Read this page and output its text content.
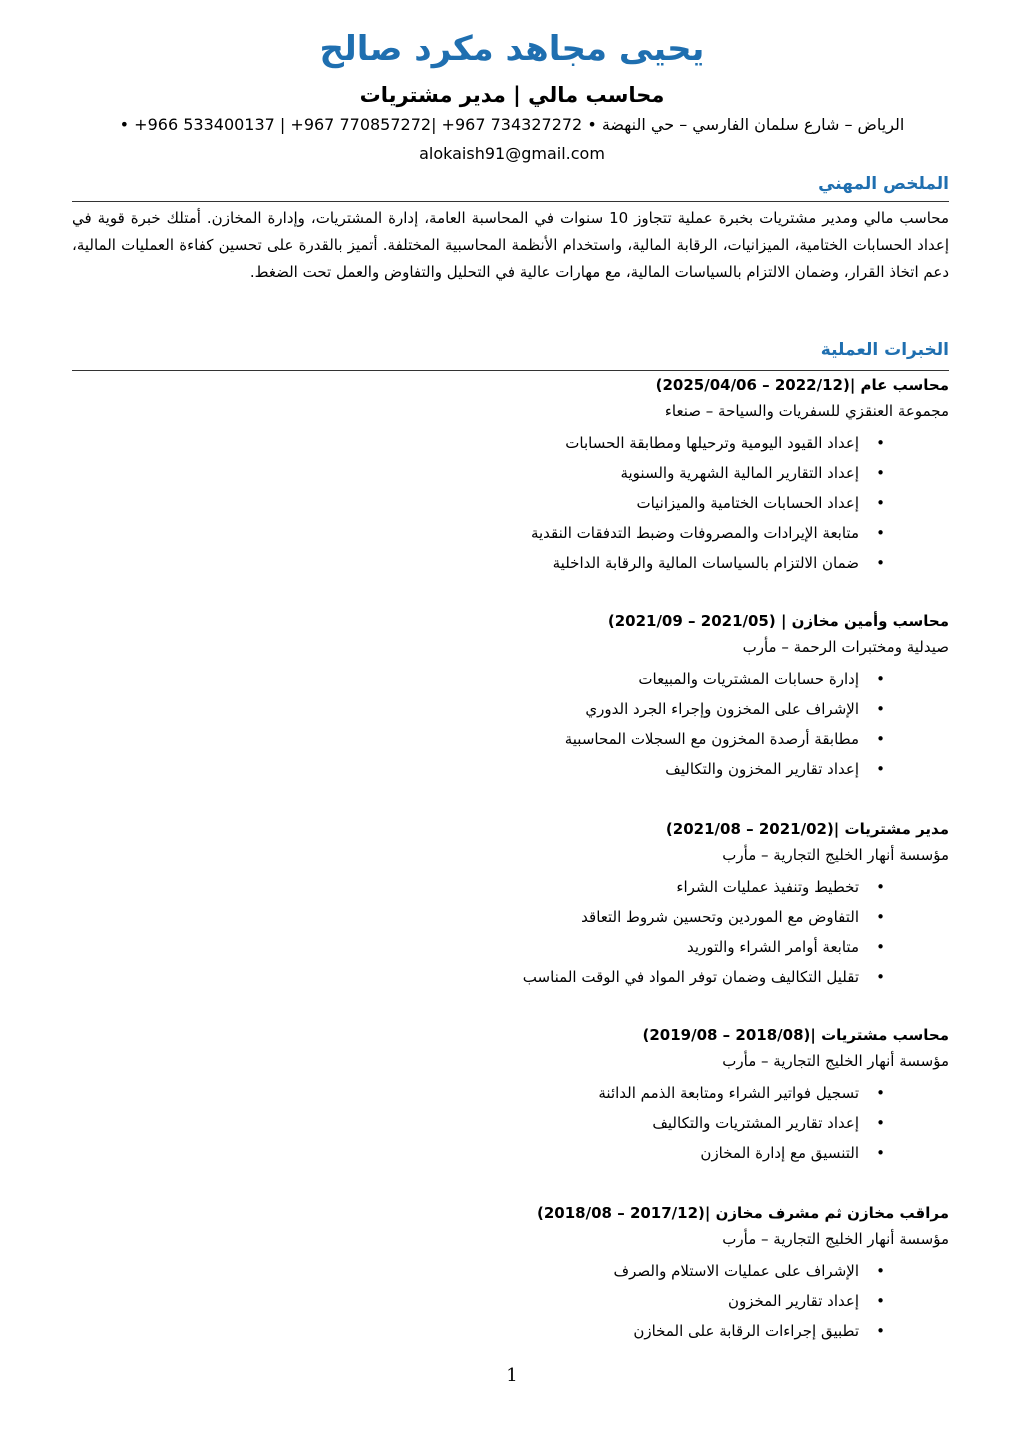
يحيى مجاهد مكرد صالح
محاسب مالي | مدير مشتريات
الرياض – شارع سلمان الفارسي – حي النهضة • 734327272 967+ |770857272 967+ | 533400137 966+ •
alokaish91@gmail.com
الملخص المهني
محاسب مالي ومدير مشتريات بخبرة عملية تتجاوز 10 سنوات في المحاسبة العامة، إدارة المشتريات، وإدارة المخازن. أمتلك خبرة قوية في إعداد الحسابات الختامية، الميزانيات، الرقابة المالية، واستخدام الأنظمة المحاسبية المختلفة. أتميز بالقدرة على تحسين كفاءة العمليات المالية، دعم اتخاذ القرار، وضمان الالتزام بالسياسات المالية، مع مهارات عالية في التحليل والتفاوض والعمل تحت الضغط.
الخبرات العملية
محاسب عام |(2022/12 – 2025/04/06)
مجموعة العنقزي للسفريات والسياحة – صنعاء
•
إعداد القيود اليومية وترحيلها ومطابقة الحسابات
•
إعداد التقارير المالية الشهرية والسنوية
•
إعداد الحسابات الختامية والميزانيات
•
متابعة الإيرادات والمصروفات وضبط التدفقات النقدية
•
ضمان الالتزام بالسياسات المالية والرقابة الداخلية
محاسب وأمين مخازن | (2021/05 – 2021/09)
صيدلية ومختبرات الرحمة – مأرب
•
إدارة حسابات المشتريات والمبيعات
•
الإشراف على المخزون وإجراء الجرد الدوري
•
مطابقة أرصدة المخزون مع السجلات المحاسبية
•
إعداد تقارير المخزون والتكاليف
مدير مشتريات |(2021/02 – 2021/08)
مؤسسة أنهار الخليج التجارية – مأرب
•
تخطيط وتنفيذ عمليات الشراء
•
التفاوض مع الموردين وتحسين شروط التعاقد
•
متابعة أوامر الشراء والتوريد
•
تقليل التكاليف وضمان توفر المواد في الوقت المناسب
محاسب مشتريات |(2018/08 – 2019/08)
مؤسسة أنهار الخليج التجارية – مأرب
•
تسجيل فواتير الشراء ومتابعة الذمم الدائنة
•
إعداد تقارير المشتريات والتكاليف
•
التنسيق مع إدارة المخازن
مراقب مخازن ثم مشرف مخازن |(2017/12 – 2018/08)
مؤسسة أنهار الخليج التجارية – مأرب
•
الإشراف على عمليات الاستلام والصرف
•
إعداد تقارير المخزون
•
تطبيق إجراءات الرقابة على المخازن
1
